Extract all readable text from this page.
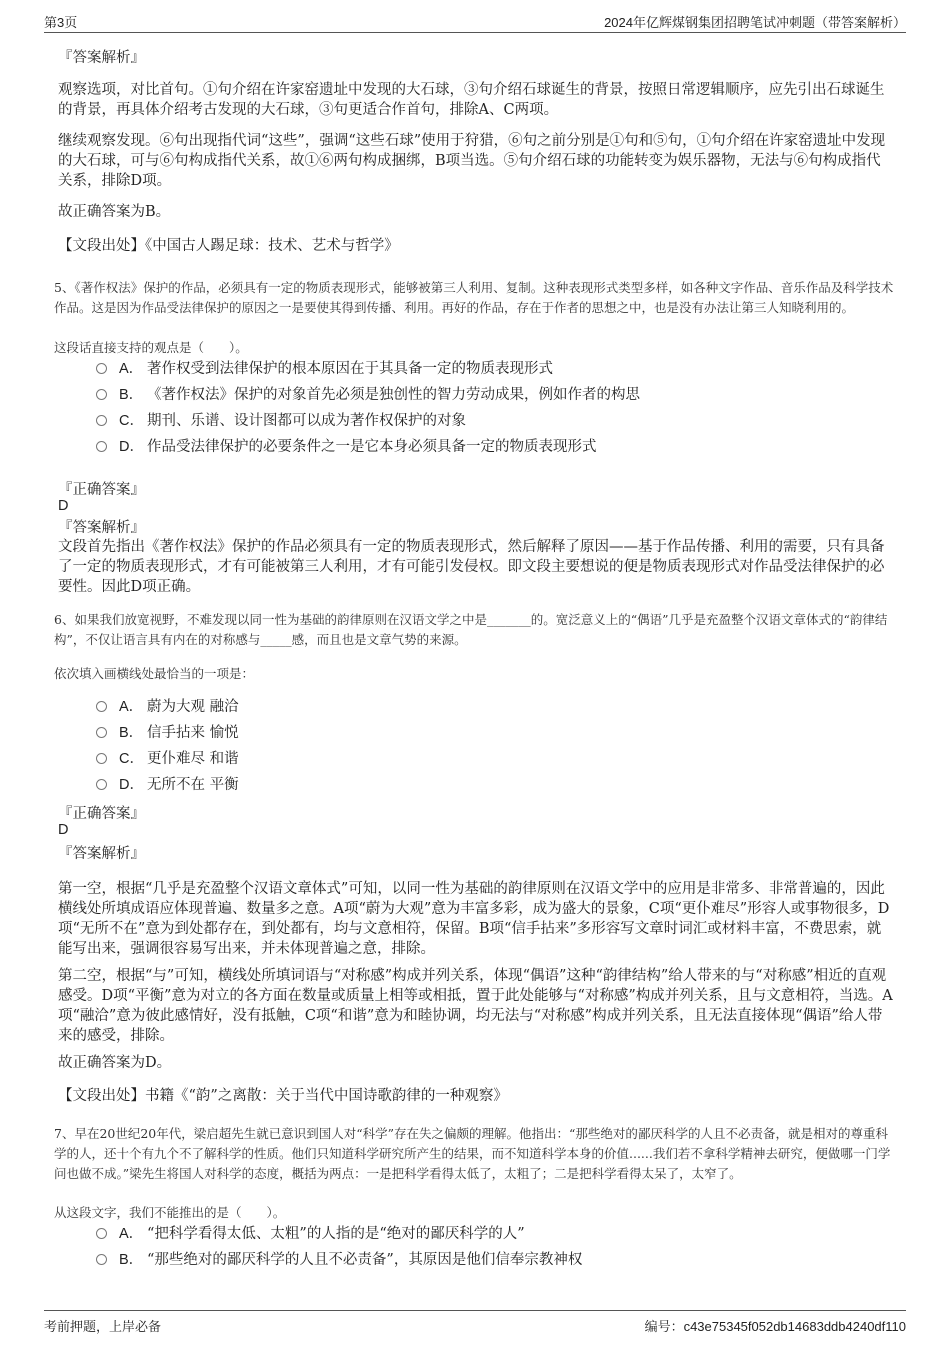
第3页	2024年亿辉煤钢集团招聘笔试冲刺题（带答案解析）
『答案解析』
观察选项，对比首句。①句介绍在许家窑遗址中发现的大石球，③句介绍石球诞生的背景，按照日常逻辑顺序，应先引出石球诞生的背景，再具体介绍考古发现的大石球，③句更适合作首句，排除A、C两项。
继续观察发现。⑥句出现指代词“这些”，强调“这些石球”使用于狩猎，⑥句之前分别是①句和⑤句，①句介绍在许家窑遗址中发现的大石球，可与⑥句构成指代关系，故①⑥两句构成捆绑，B项当选。⑤句介绍石球的功能转变为娱乐器物，无法与⑥句构成指代关系，排除D项。
故正确答案为B。
【文段出处】《中国古人踢足球：技术、艺术与哲学》
5、《著作权法》保护的作品，必须具有一定的物质表现形式，能够被第三人利用、复制。这种表现形式类型多样，如各种文字作品、音乐作品及科学技术作品。这是因为作品受法律保护的原因之一是要使其得到传播、利用。再好的作品，存在于作者的思想之中，也是没有办法让第三人知晓利用的。
这段话直接支持的观点是（　　）。
A． 著作权受到法律保护的根本原因在于其具备一定的物质表现形式
B． 《著作权法》保护的对象首先必须是独创性的智力劳动成果，例如作者的构思
C． 期刊、乐谱、设计图都可以成为著作权保护的对象
D． 作品受法律保护的必要条件之一是它本身必须具备一定的物质表现形式
『正确答案』
D
『答案解析』
文段首先指出《著作权法》保护的作品必须具有一定的物质表现形式，然后解释了原因——基于作品传播、利用的需要，只有具备了一定的物质表现形式，才有可能被第三人利用，才有可能引发侵权。即文段主要想说的便是物质表现形式对作品受法律保护的必要性。因此D项正确。
6、如果我们放宽视野，不难发现以同一性为基础的韵律原则在汉语文学之中是_______的。宽泛意义上的“偶语”几乎是充盈整个汉语文章体式的“韵律结构”，不仅让语言具有内在的对称感与_____感，而且也是文章气势的来源。
依次填入画横线处最恰当的一项是：
A． 蔚为大观 融洽
B． 信手拈来 愉悦
C． 更仆难尽 和谐
D． 无所不在 平衡
『正确答案』
D
『答案解析』
第一空，根据“几乎是充盈整个汉语文章体式”可知，以同一性为基础的韵律原则在汉语文学中的应用是非常多、非常普遍的，因此横线处所填成语应体现普遍、数量多之意。A项“蔚为大观”意为丰富多彩，成为盛大的景象，C项“更仆难尽”形容人或事物很多，D项“无所不在”意为到处都存在，到处都有，均与文意相符，保留。B项“信手拈来”多形容写文章时词汇或材料丰富，不费思索，就能写出来，强调很容易写出来，并未体现普遍之意，排除。
第二空，根据“与”可知，横线处所填词语与“对称感”构成并列关系，体现“偶语”这种“韵律结构”给人带来的与“对称感”相近的直观感受。D项“平衡”意为对立的各方面在数量或质量上相等或相抵，置于此处能够与“对称感”构成并列关系，且与文意相符，当选。A项“融洽”意为彼此感情好，没有抵触，C项“和谐”意为和睦协调，均无法与“对称感”构成并列关系，且无法直接体现“偶语”给人带来的感受，排除。
故正确答案为D。
【文段出处】书籍《“韵”之离散：关于当代中国诗歌韵律的一种观察》
7、早在20世纪20年代，梁启超先生就已意识到国人对“科学”存在失之偏颇的理解。他指出：“那些绝对的鄙厌科学的人且不必责备，就是相对的尊重科学的人，还十个有九个不了解科学的性质。他们只知道科学研究所产生的结果，而不知道科学本身的价值......我们若不拿科学精神去研究，便做哪一门学问也做不成。”梁先生将国人对科学的态度，概括为两点：一是把科学看得太低了，太粗了；二是把科学看得太呆了，太窄了。
从这段文字，我们不能推出的是（　　）。
A． “把科学看得太低、太粗”的人指的是“绝对的鄙厌科学的人”
B． “那些绝对的鄙厌科学的人且不必责备”，其原因是他们信奉宗教神权
考前押题，上岸必备	编号：c43e75345f052db14683ddb4240df110
